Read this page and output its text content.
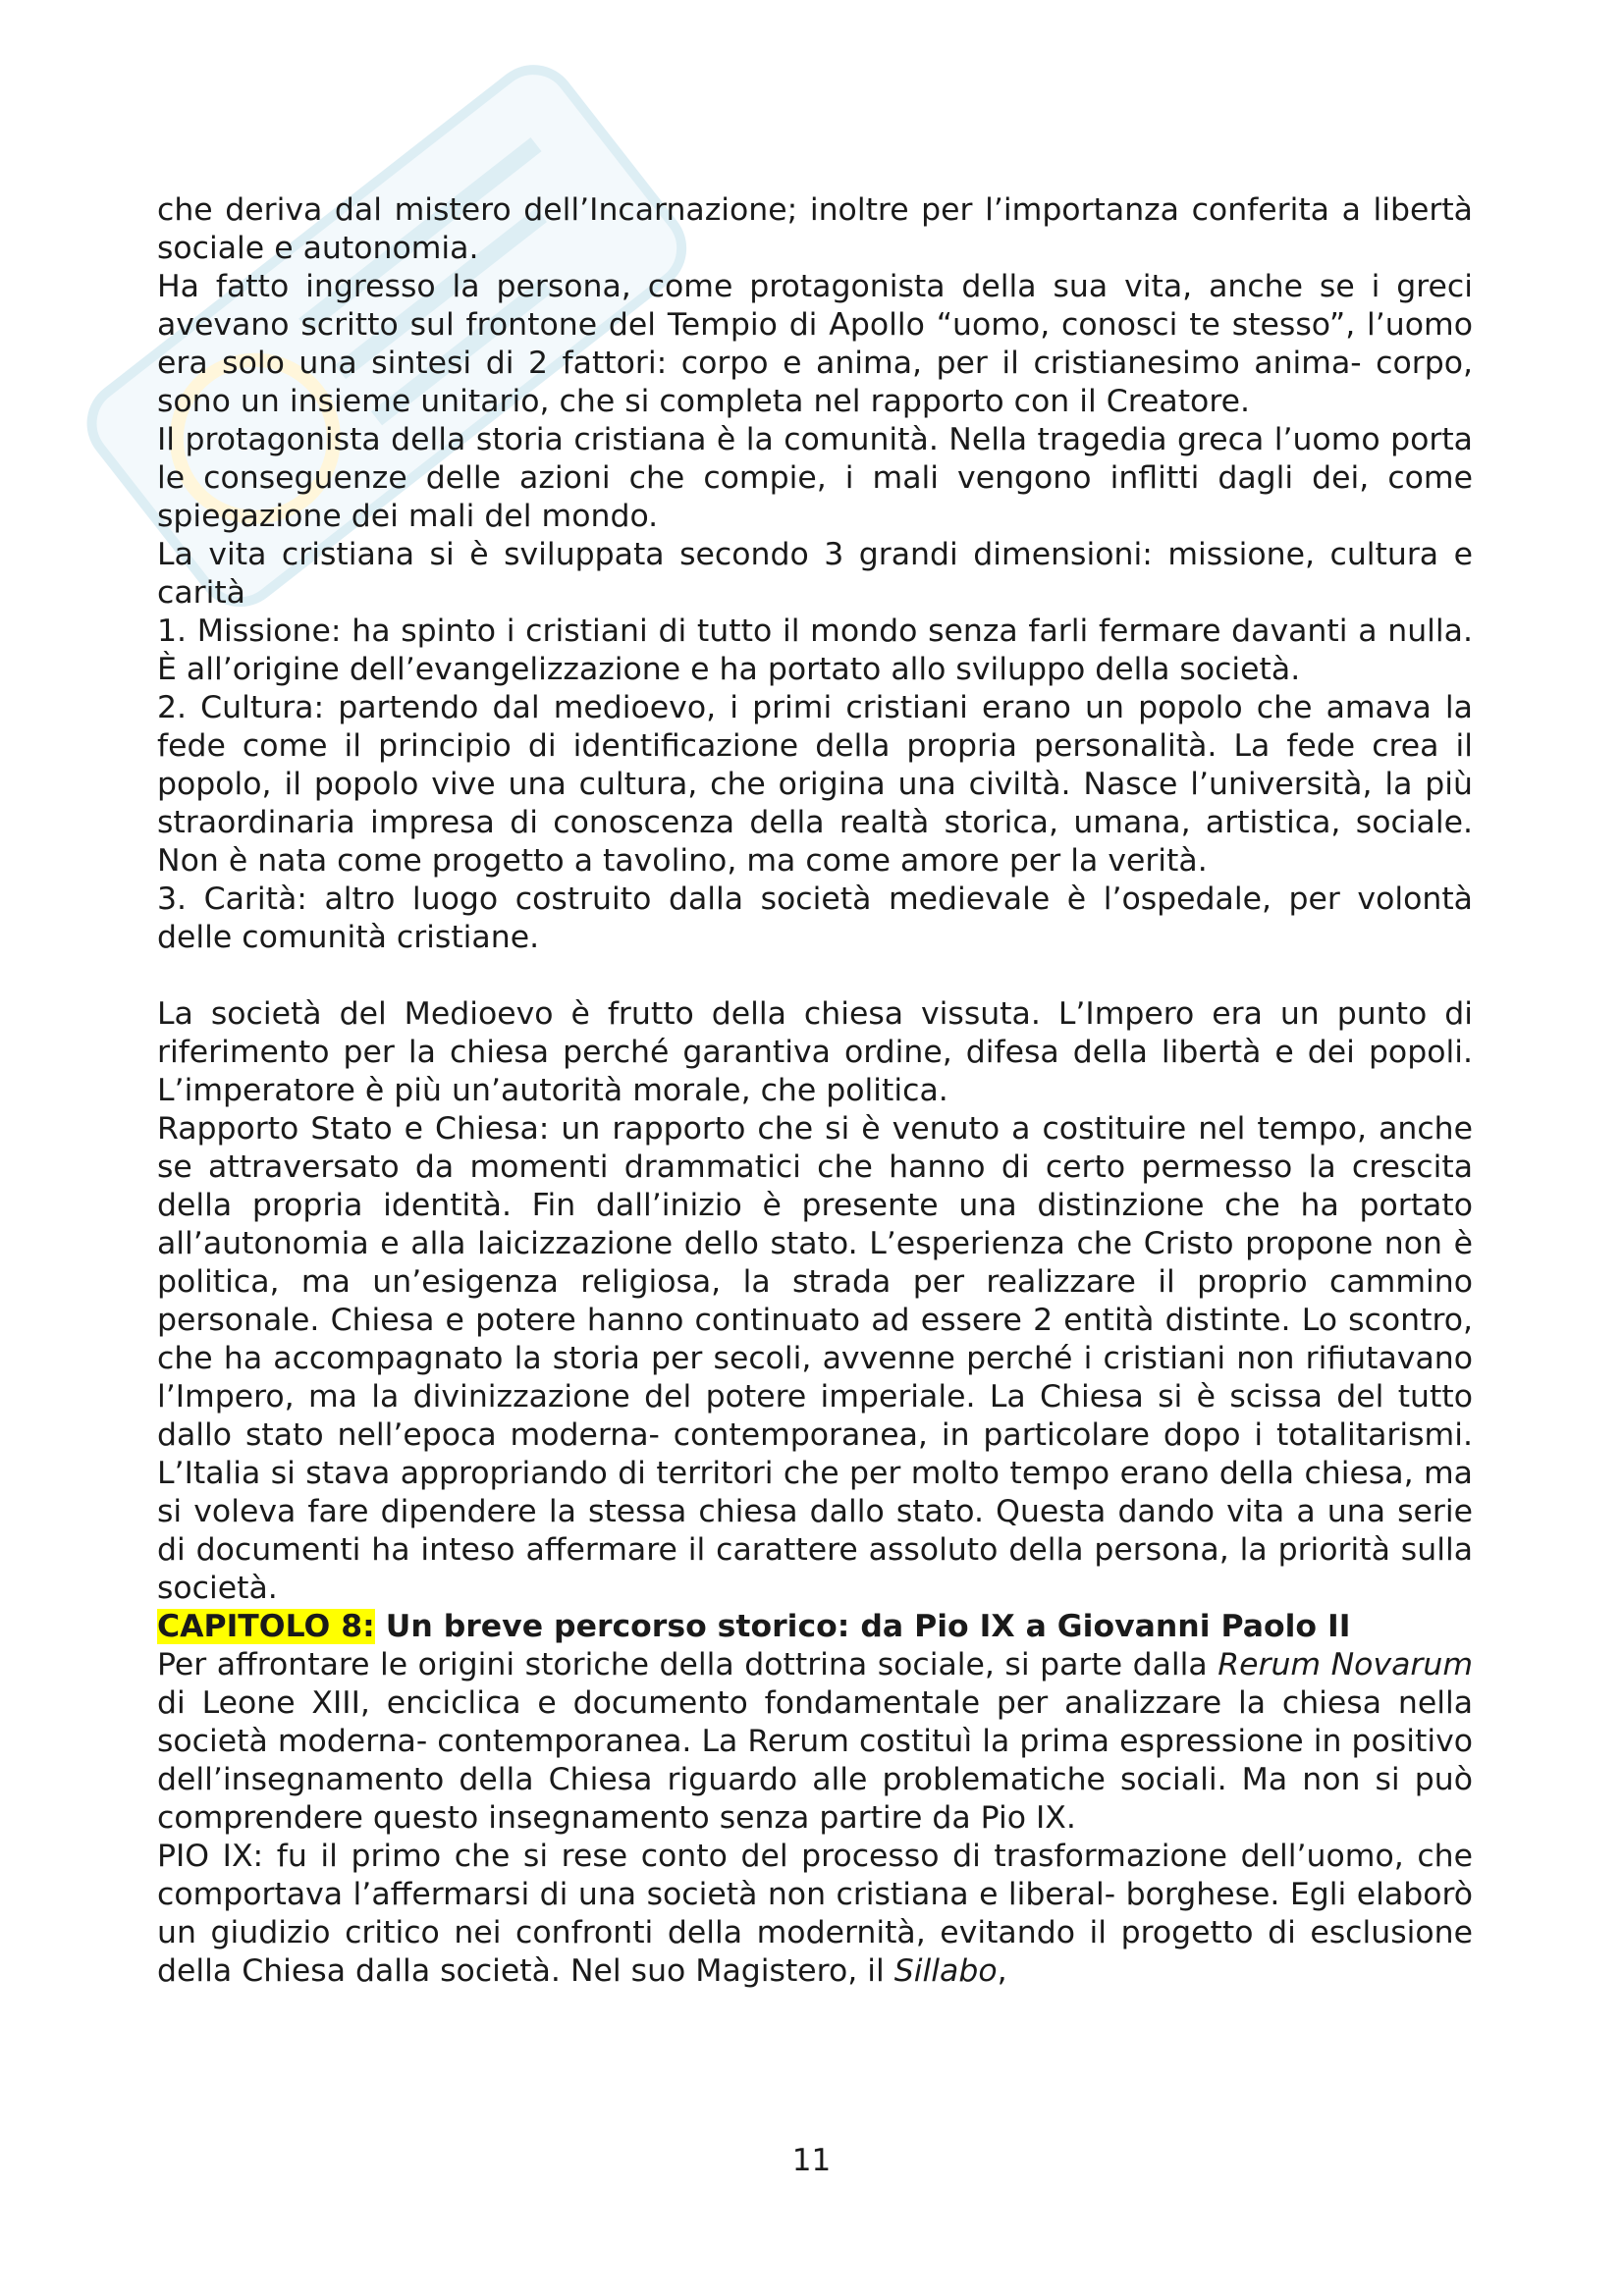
che deriva dal mistero dell’Incarnazione; inoltre per l’importanza conferita a libertà sociale e autonomia.

Ha fatto ingresso la persona, come protagonista della sua vita, anche se i greci avevano scritto sul frontone del Tempio di Apollo “uomo, conosci te stesso”, l’uomo era solo una sintesi di 2 fattori: corpo e anima, per il cristianesimo anima- corpo, sono un insieme unitario, che si completa nel rapporto con il Creatore.

Il protagonista della storia cristiana è la comunità. Nella tragedia greca l’uomo porta le conseguenze delle azioni che compie, i mali vengono inflitti dagli dei, come spiegazione dei mali del mondo.

La vita cristiana si è sviluppata secondo 3 grandi dimensioni: missione, cultura e carità

1. Missione: ha spinto i cristiani di tutto il mondo senza farli fermare davanti a nulla. È all’origine dell’evangelizzazione e ha portato allo sviluppo della società.

2. Cultura: partendo dal medioevo, i primi cristiani erano un popolo che amava la fede come il principio di identificazione della propria personalità. La fede crea il popolo, il popolo vive una cultura, che origina una civiltà. Nasce l’università, la più straordinaria impresa di conoscenza della realtà storica, umana, artistica, sociale. Non è nata come progetto a tavolino, ma come amore per la verità.

3. Carità: altro luogo costruito dalla società medievale è l’ospedale, per volontà delle comunità cristiane.

La società del Medioevo è frutto della chiesa vissuta. L’Impero era un punto di riferimento per la chiesa perché garantiva ordine, difesa della libertà e dei popoli. L’imperatore è più un’autorità morale, che politica.

Rapporto Stato e Chiesa: un rapporto che si è venuto a costituire nel tempo, anche se attraversato da momenti drammatici che hanno di certo permesso la crescita della propria identità. Fin dall’inizio è presente una distinzione che ha portato all’autonomia e alla laicizzazione dello stato. L’esperienza che Cristo propone non è politica, ma un’esigenza religiosa, la strada per realizzare il proprio cammino personale. Chiesa e potere hanno continuato ad essere 2 entità distinte. Lo scontro, che ha accompagnato la storia per secoli, avvenne perché i cristiani non rifiutavano l’Impero, ma la divinizzazione del potere imperiale. La Chiesa si è scissa del tutto dallo stato nell’epoca moderna- contemporanea, in particolare dopo i totalitarismi. L’Italia si stava appropriando di territori che per molto tempo erano della chiesa, ma si voleva fare dipendere la stessa chiesa dallo stato. Questa dando vita a una serie di documenti ha inteso affermare il carattere assoluto della persona, la priorità sulla società.

CAPITOLO 8: Un breve percorso storico: da Pio IX a Giovanni Paolo II

Per affrontare le origini storiche della dottrina sociale, si parte dalla Rerum Novarum di Leone XIII, enciclica e documento fondamentale per analizzare la chiesa nella società moderna- contemporanea. La Rerum costituì la prima espressione in positivo dell’insegnamento della Chiesa riguardo alle problematiche sociali. Ma non si può comprendere questo insegnamento senza partire da Pio IX.

PIO IX: fu il primo che si rese conto del processo di trasformazione dell’uomo, che comportava l’affermarsi di una società non cristiana e liberal- borghese. Egli elaborò un giudizio critico nei confronti della modernità, evitando il progetto di esclusione della Chiesa dalla società. Nel suo Magistero, il Sillabo,

11
